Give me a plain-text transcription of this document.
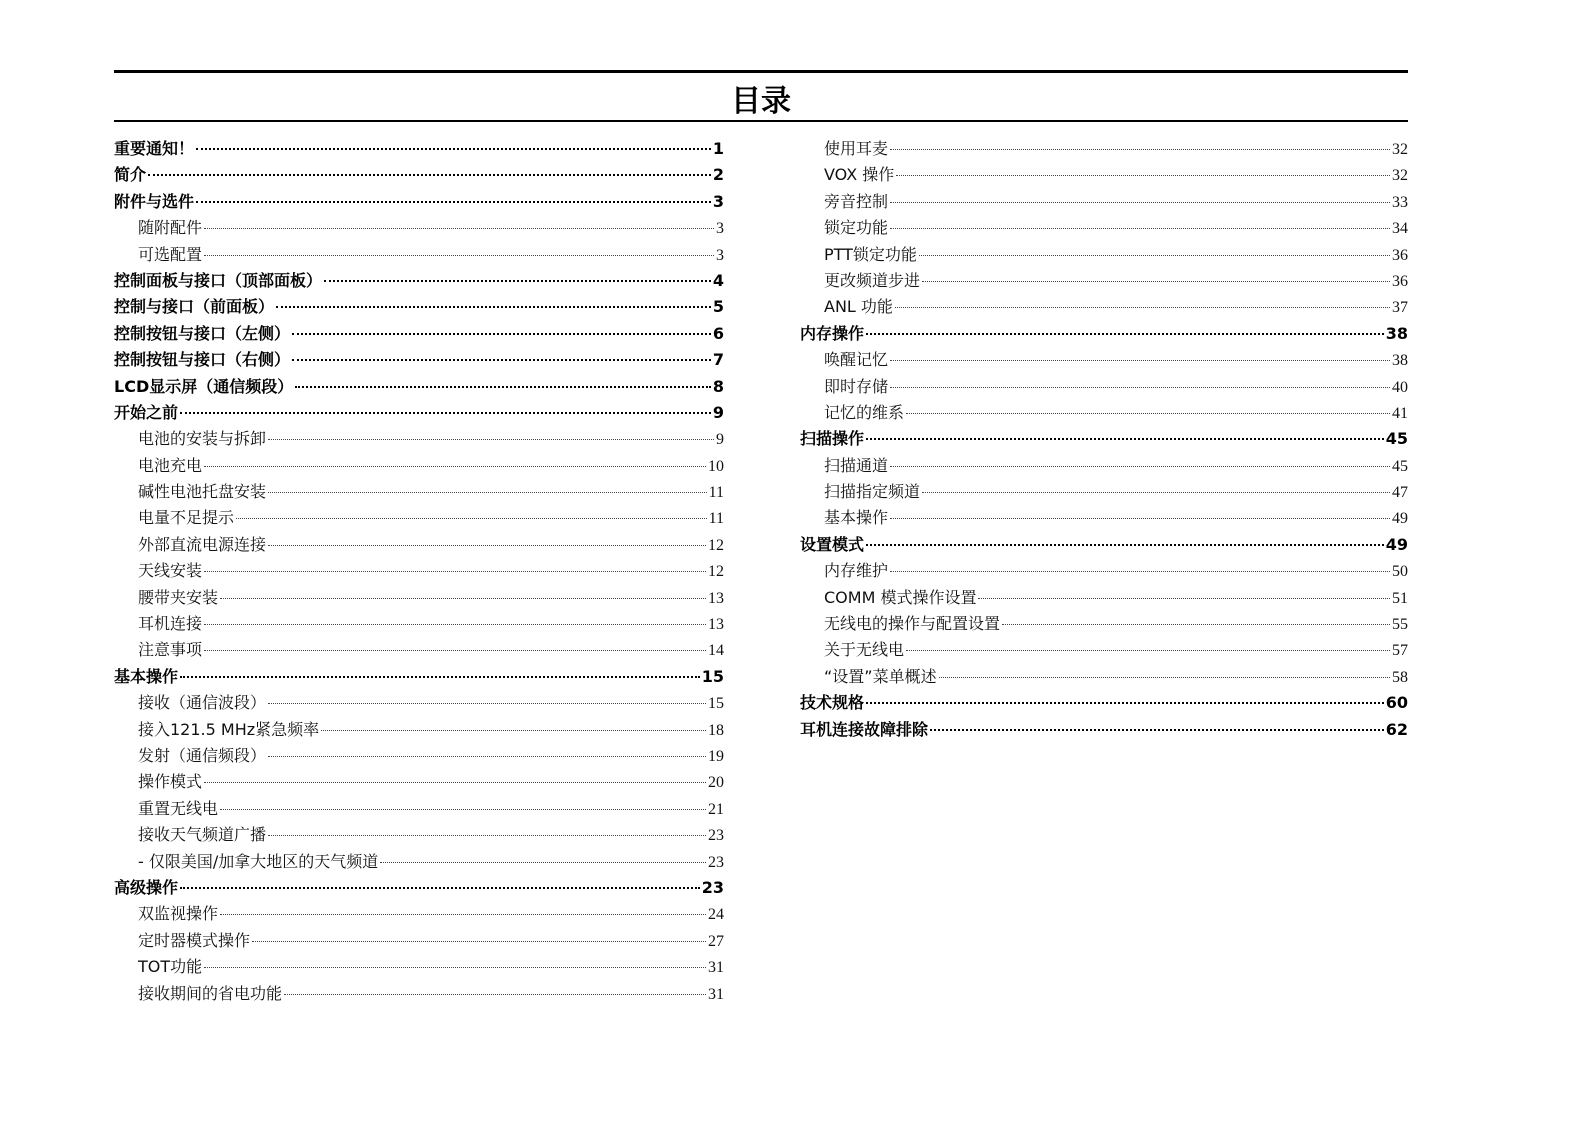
目录
重要通知！	1
简介	2
附件与选件	3
随附配件	3
可选配置	3
控制面板与接口（顶部面板）	4
控制与接口（前面板）	5
控制按钮与接口（左侧）	6
控制按钮与接口（右侧）	7
LCD显示屏（通信频段）	8
开始之前	9
电池的安装与拆卸	9
电池充电	10
碱性电池托盘安装	11
电量不足提示	11
外部直流电源连接	12
天线安装	12
腰带夹安装	13
耳机连接	13
注意事项	14
基本操作	15
接收（通信波段）	15
接入121.5 MHz紧急频率	18
发射（通信频段）	19
操作模式	20
重置无线电	21
接收天气频道广播	23
- 仅限美国/加拿大地区的天气频道	23
高级操作	23
双监视操作	24
定时器模式操作	27
TOT功能	31
接收期间的省电功能	31
使用耳麦	32
VOX 操作	32
旁音控制	33
锁定功能	34
PTT锁定功能	36
更改频道步进	36
ANL 功能	37
内存操作	38
唤醒记忆	38
即时存储	40
记忆的维系	41
扫描操作	45
扫描通道	45
扫描指定频道	47
基本操作	49
设置模式	49
内存维护	50
COMM 模式操作设置	51
无线电的操作与配置设置	55
关于无线电	57
“设置”菜单概述	58
技术规格	60
耳机连接故障排除	62
